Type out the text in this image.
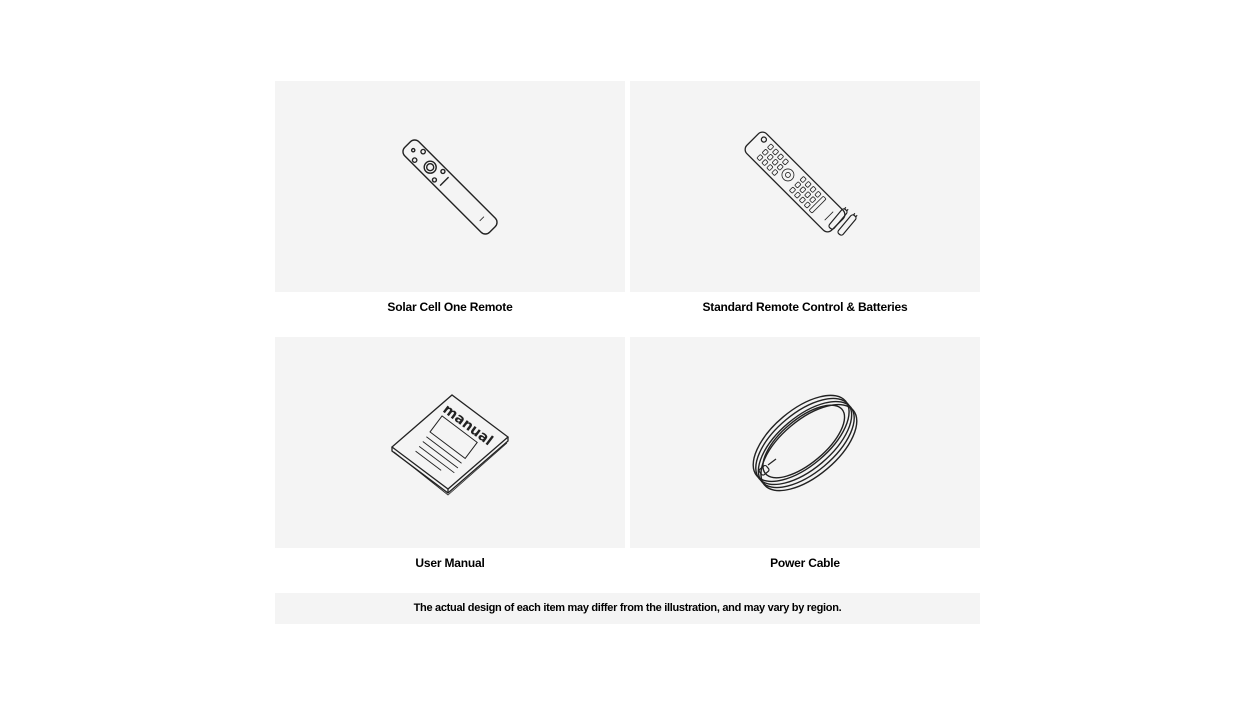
Solar Cell One Remote	Standard Remote Control & Batteries
manual
User Manual	Power Cable
The actual design of each item may differ from the illustration, and may vary by region.
